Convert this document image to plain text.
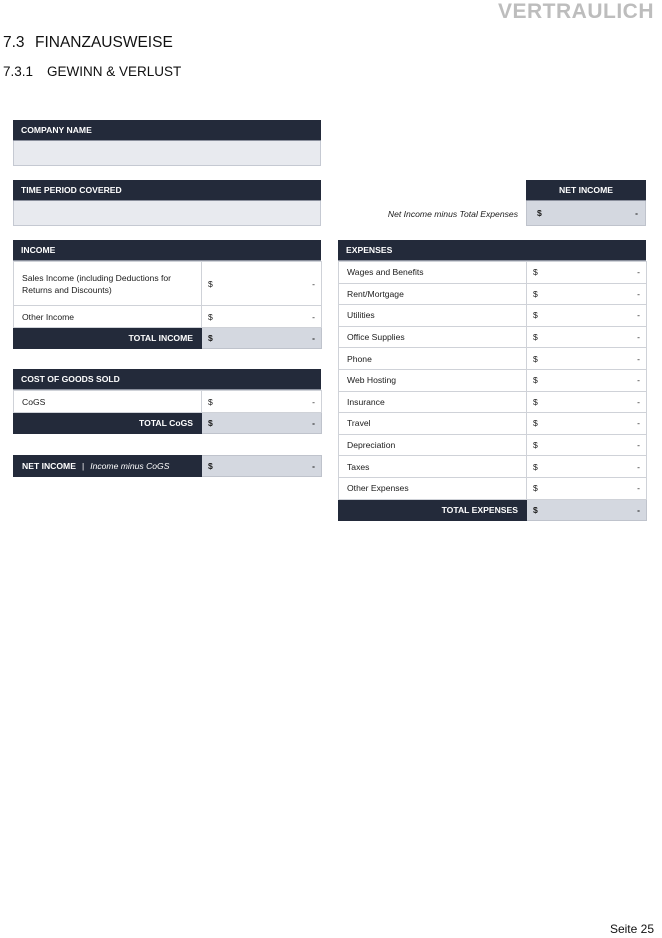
VERTRAULICH
7.3 FINANZAUSWEISE
7.3.1 GEWINN & VERLUST
COMPANY NAME
TIME PERIOD COVERED
Net Income minus Total Expenses
NET INCOME
$	-
INCOME
Sales Income (including Deductions for Returns and Discounts)	$ -

Other Income	$ -

TOTAL INCOME	$ -
COST OF GOODS SOLD
CoGS	$ -

TOTAL CoGS	$ -
NET INCOME | Income minus CoGS	$	-
EXPENSES
Wages and Benefits	$ -

Rent/Mortgage	$ -

Utilities	$ -

Office Supplies	$ -

Phone	$ -

Web Hosting	$ -

Insurance	$ -

Travel	$ -

Depreciation	$ -

Taxes	$ -

Other Expenses	$ -

TOTAL EXPENSES	$ -
Seite 25
